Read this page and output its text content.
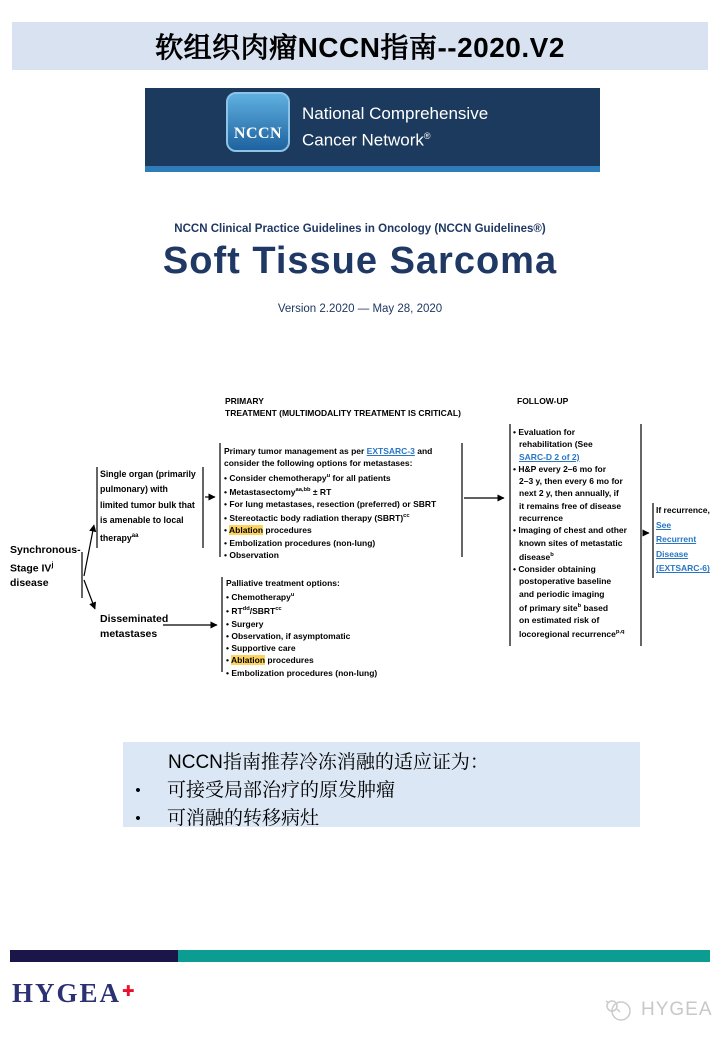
软组织肉瘤NCCN指南--2020.V2
NCCN
National Comprehensive
Cancer Network®
NCCN Clinical Practice Guidelines in Oncology (NCCN Guidelines®)
Soft Tissue Sarcoma
Version 2.2020 — May 28, 2020
PRIMARY
TREATMENT (MULTIMODALITY TREATMENT IS CRITICAL)
FOLLOW-UP
Synchronous-
Stage $IV^j$
disease
Single organ (primarily
pulmonary) with
limited tumor bulk that
is amenable to local
therapy$^{aa}$
Primary tumor management as per EXTSARC-3 and
consider the following options for metastases:
• Consider chemotherapy$^u$ for all patients
• Metastasectomy$^{aa,bb}$ ± RT
• For lung metastases, resection (preferred) or SBRT
• Stereotactic body radiation therapy (SBRT)$^{cc}$
• Ablation procedures
• Embolization procedures (non-lung)
• Observation
Disseminated
metastases
Palliative treatment options:
• Chemotherapy$^u$
• $RT^{dd}/SBRT^{cc}$
• Surgery
• Observation, if asymptomatic
• Supportive care
• Ablation procedures
• Embolization procedures (non-lung)
• Evaluation for
rehabilitation (See
SARC-D 2 of 2)
• H&P every 2–6 mo for
2–3 y, then every 6 mo for
next 2 y, then annually, if
it remains free of disease
recurrence
• Imaging of chest and other
known sites of metastatic
disease$^b$
• Consider obtaining
postoperative baseline
and periodic imaging
of primary site$^b$ based
on estimated risk of
locoregional recurrence$^{p,q}$
If recurrence,
See
Recurrent
Disease
(EXTSARC-6)
NCCN指南推荐冷冻消融的适应证为：
•	可接受局部治疗的原发肿瘤
•	可消融的转移病灶
HYGEA✚
HYGEA
